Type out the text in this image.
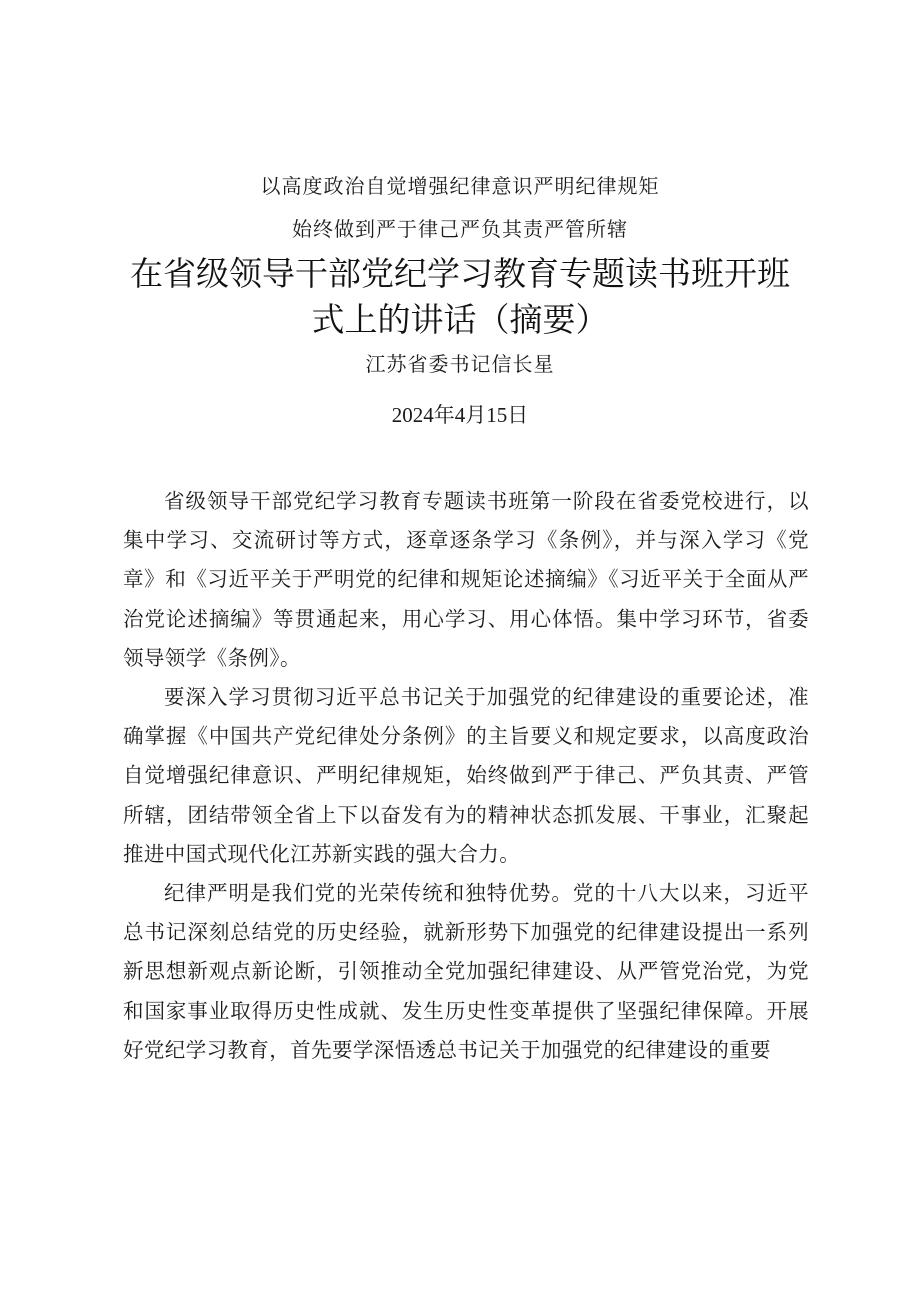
以高度政治自觉增强纪律意识严明纪律规矩
始终做到严于律己严负其责严管所辖
在省级领导干部党纪学习教育专题读书班开班
式上的讲话（摘要）
江苏省委书记信长星
2024年4月15日

省级领导干部党纪学习教育专题读书班第一阶段在省委党校进行，以集中学习、交流研讨等方式，逐章逐条学习《条例》，并与深入学习《党章》和《习近平关于严明党的纪律和规矩论述摘编》《习近平关于全面从严治党论述摘编》等贯通起来，用心学习、用心体悟。集中学习环节，省委领导领学《条例》。

要深入学习贯彻习近平总书记关于加强党的纪律建设的重要论述，准确掌握《中国共产党纪律处分条例》的主旨要义和规定要求，以高度政治自觉增强纪律意识、严明纪律规矩，始终做到严于律己、严负其责、严管所辖，团结带领全省上下以奋发有为的精神状态抓发展、干事业，汇聚起推进中国式现代化江苏新实践的强大合力。

纪律严明是我们党的光荣传统和独特优势。党的十八大以来，习近平总书记深刻总结党的历史经验，就新形势下加强党的纪律建设提出一系列新思想新观点新论断，引领推动全党加强纪律建设、从严管党治党，为党和国家事业取得历史性成就、发生历史性变革提供了坚强纪律保障。开展好党纪学习教育，首先要学深悟透总书记关于加强党的纪律建设的重要
